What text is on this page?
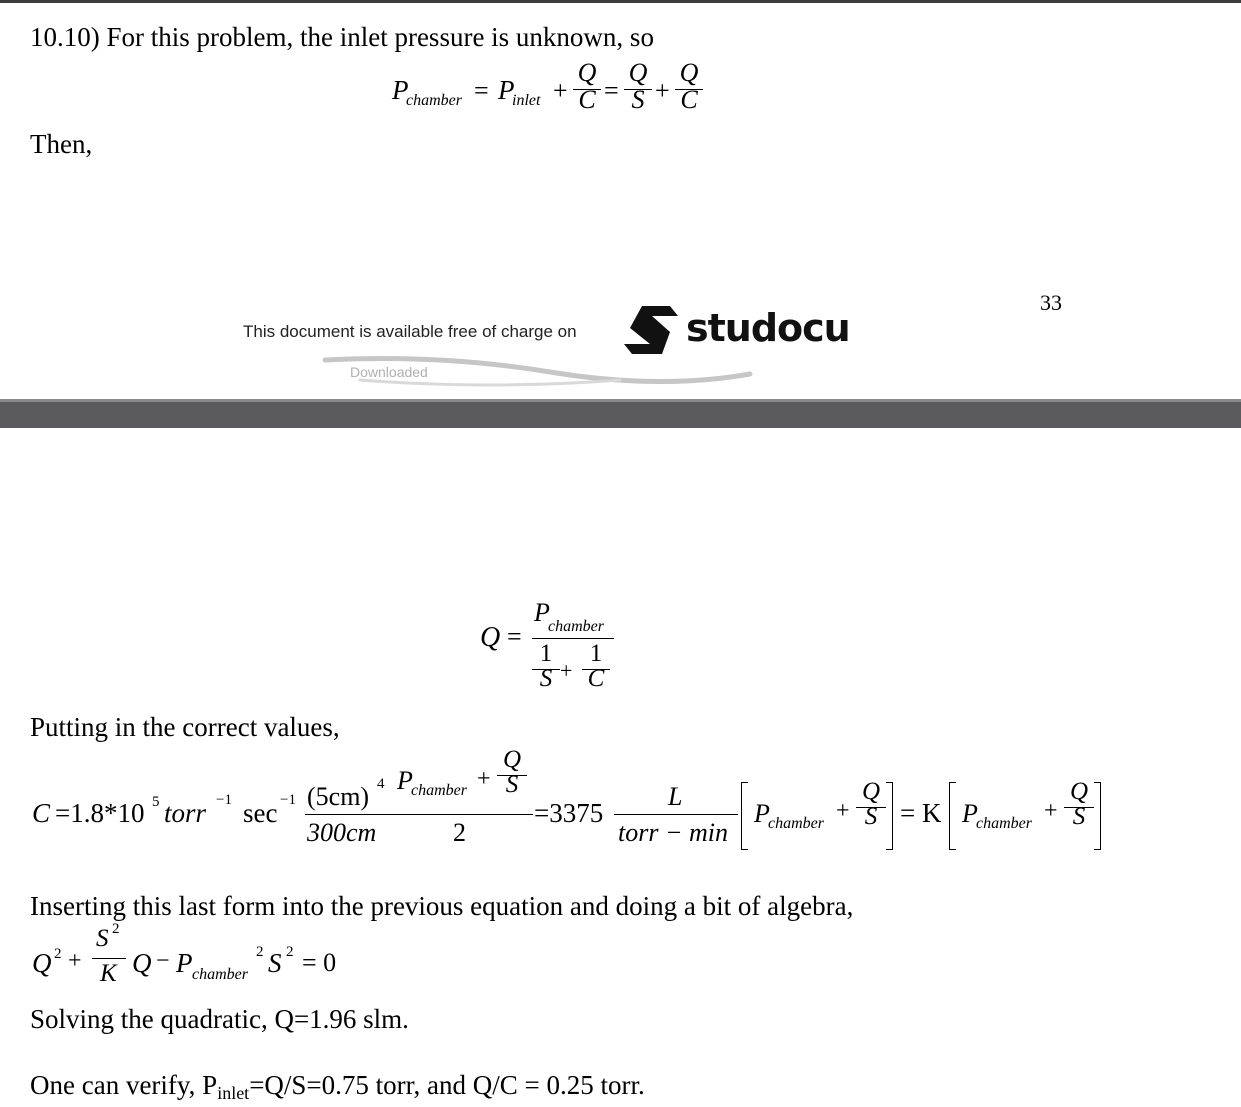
10.10) For this problem, the inlet pressure is unknown, so
P
chamber = P
inlet +
Q
C =
Q
S +
Q
C
Then,
33
This document is available free of charge on	studocu
Downloaded
Q =
P
chamber
1
S +
1
C
Putting in the correct values,
C =1.8*10 5 torr −1 sec −1 (5cm) 4
300cm
P
chamber +
Q
S
2
=3375
L
torr − min
P
chamber +
Q
S = K P
chamber +
Q
S
Inserting this last form into the previous equation and doing a bit of algebra,
Q 2 +
S 2
K Q − P chamber
2 S 2 = 0
Solving the quadratic, Q=1.96 slm.
One can verify, Pinlet=Q/S=0.75 torr, and Q/C = 0.25 torr.
